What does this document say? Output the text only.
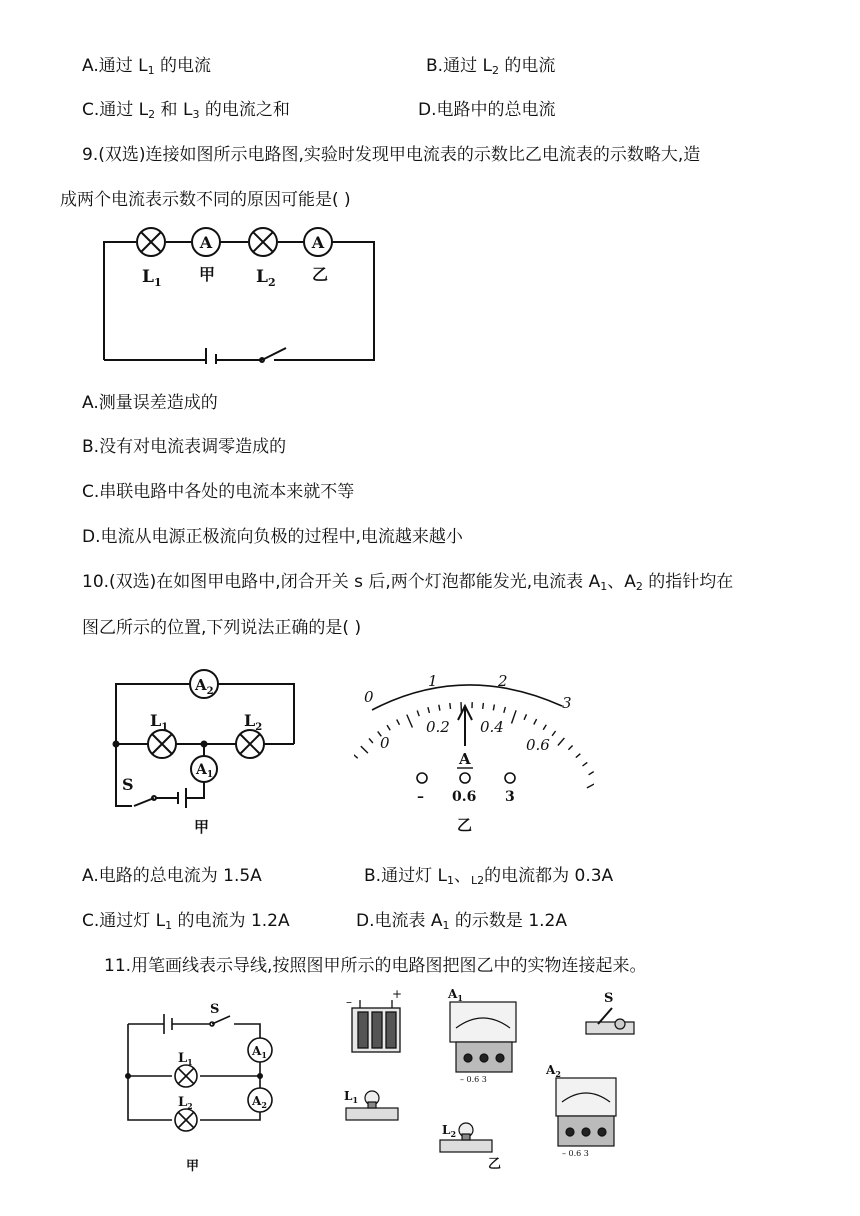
A.通过 $L_1$ 的电流	B.通过 $L_2$ 的电流
C.通过 $L_2$ 和 $L_3$ 的电流之和	D.电路中的总电流
9.(双选)连接如图所示电路图,实验时发现甲电流表的示数比乙电流表的示数略大,造
成两个电流表示数不同的原因可能是( )
A	A
$L_1$ 甲 $L_2$ 乙
A.测量误差造成的
B.没有对电流表调零造成的
C.串联电路中各处的电流本来就不等
D.电流从电源正极流向负极的过程中,电流越来越小
10.(双选)在如图甲电路中,闭合开关 s 后,两个灯泡都能发光,电流表 $A_1$、$A_2$ 的指针均在
图乙所示的位置,下列说法正确的是( )
$A_2$
$L_1$	$L_2$
$A_1$
S
甲
0
1	2
3
0
0.2 0.4
0.6
A
– 0.6 3
乙
A.电路的总电流为 1.5A	B.通过灯 $L_1$、$_{L2}$的电流都为 0.3A
C.通过灯 $L_1$ 的电流为 1.2A	D.电流表 $A_1$ 的示数是 1.2A
11.用笔画线表示导线,按照图甲所示的电路图把图乙中的实物连接起来。
S
$A_1$
$A_2$
$L_1$
$L_2$
甲
–
+	$A_1$
– 0.6 3
S
$L_1$
$L_2$
$A_2$
– 0.6 3
乙
